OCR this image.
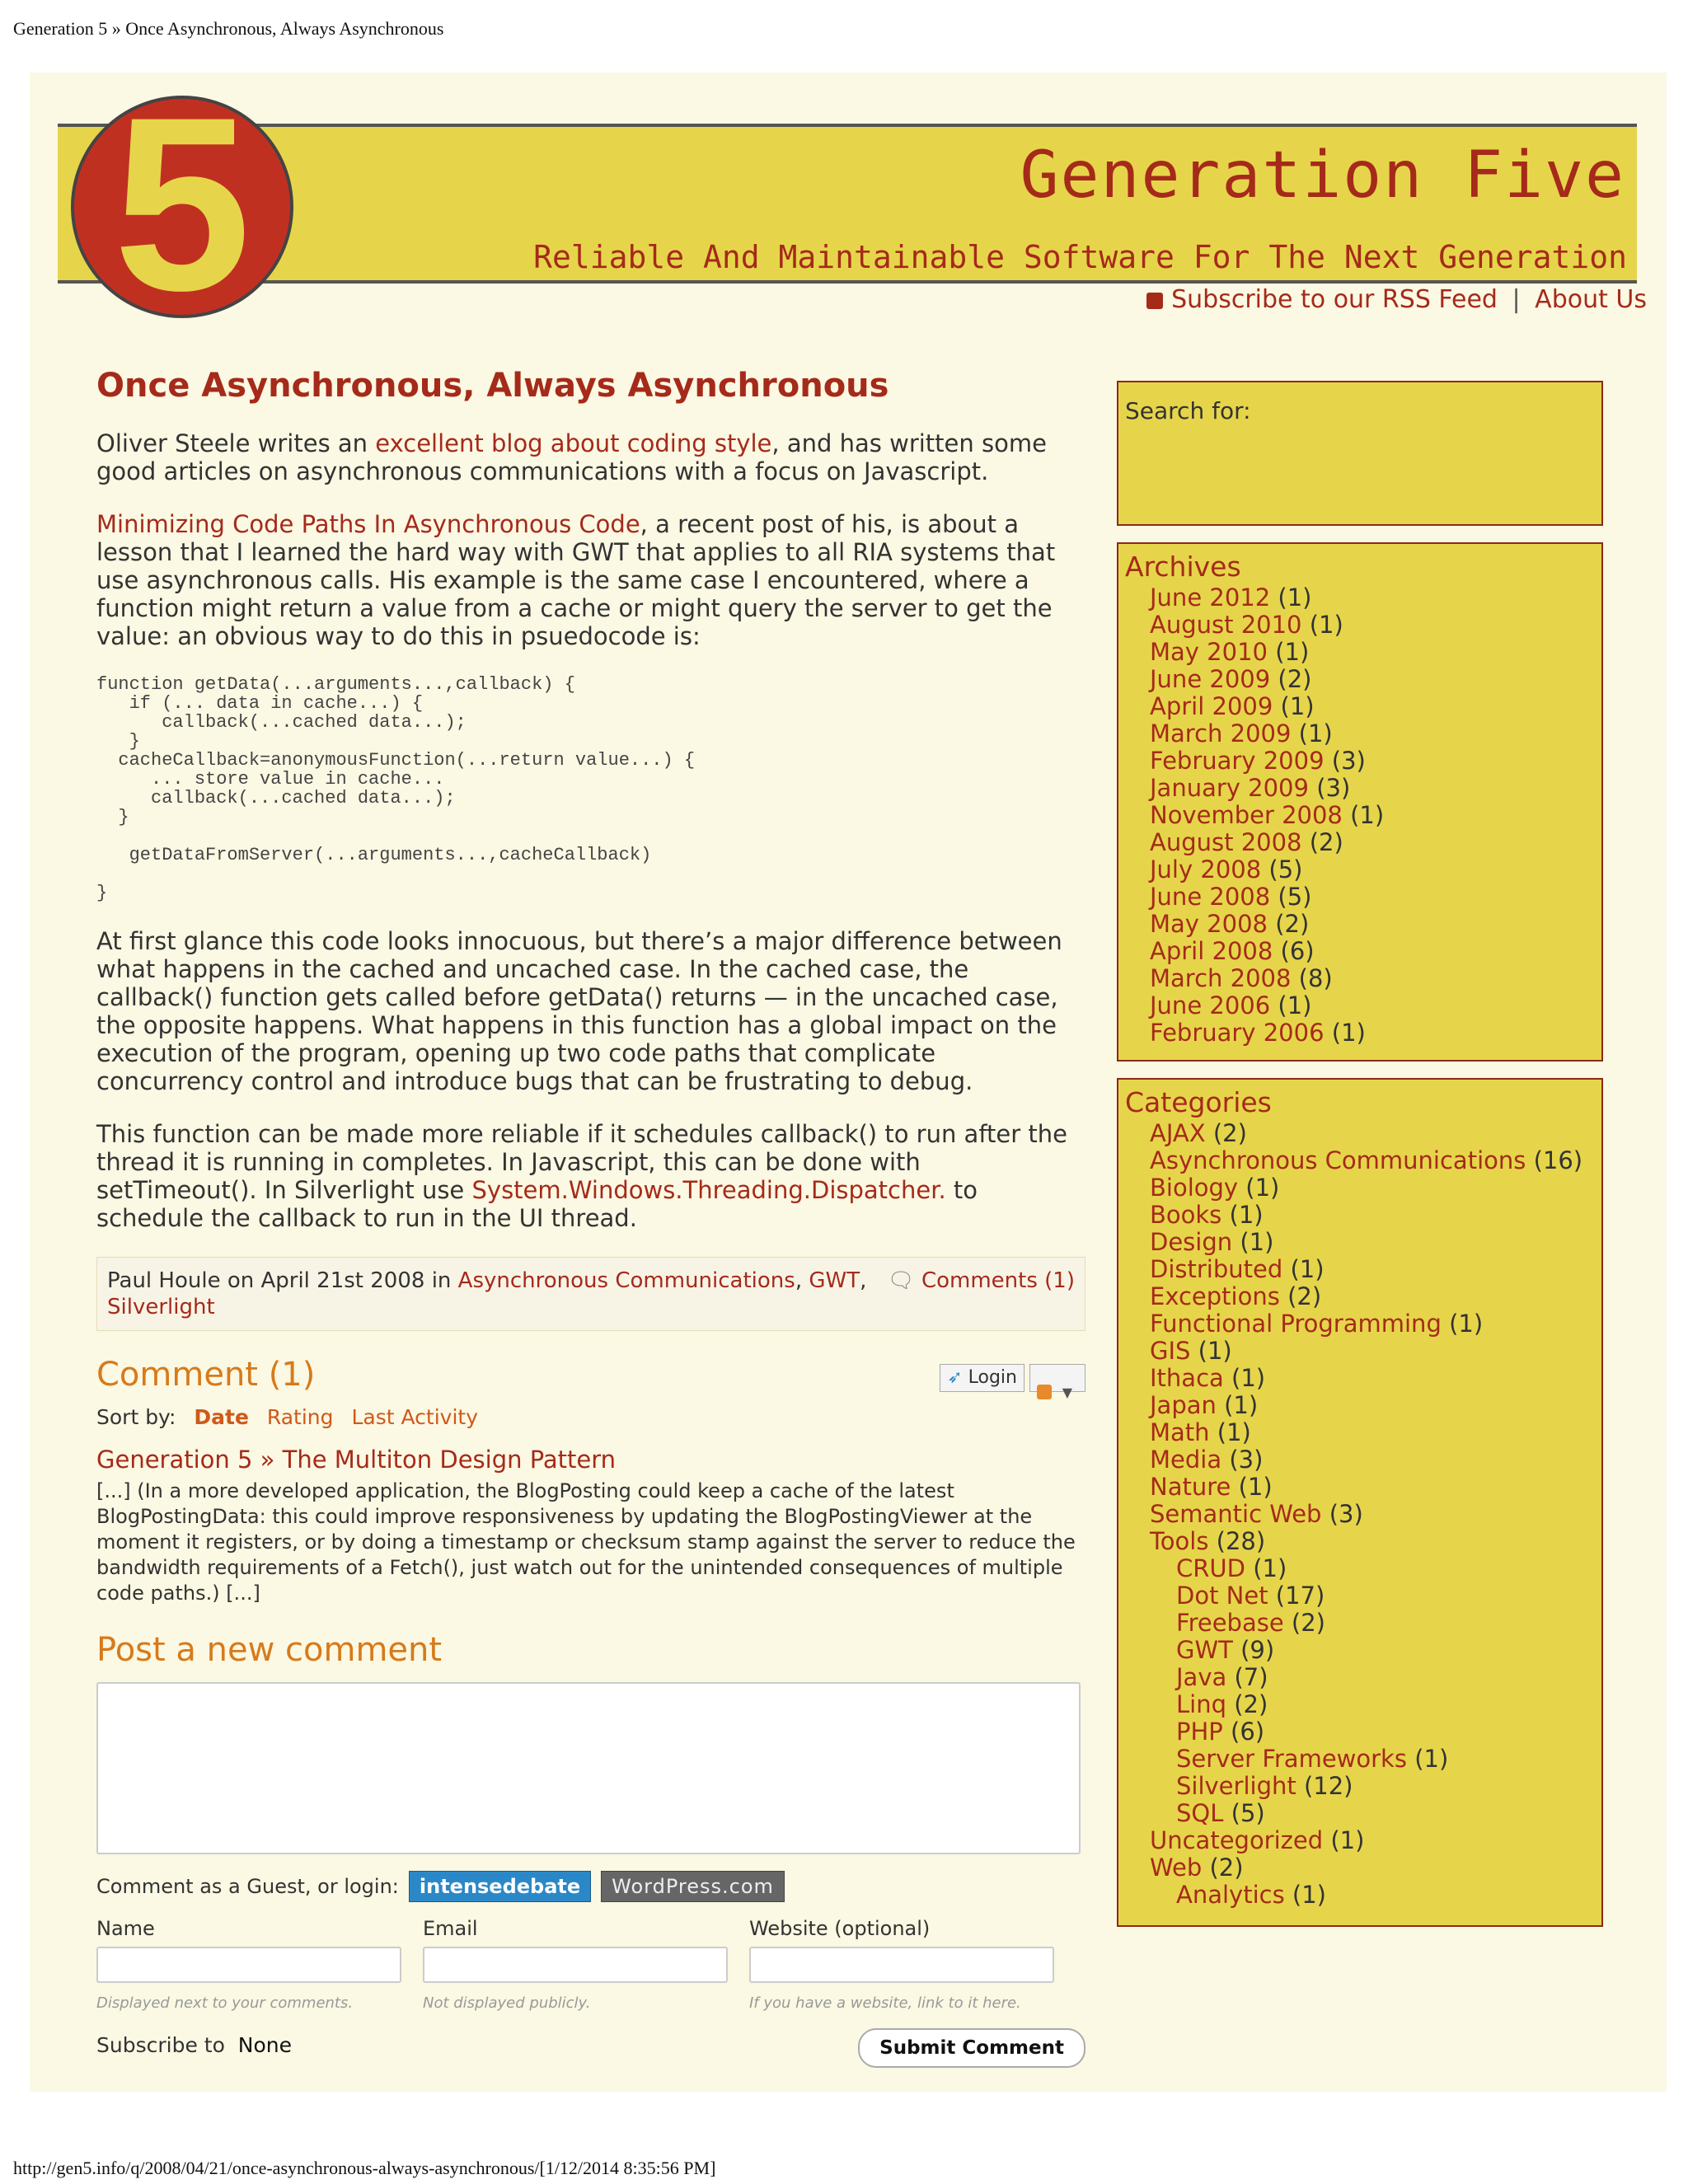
Generation 5 » Once Asynchronous, Always Asynchronous
Generation Five
Reliable And Maintainable Software For The Next Generation
5	Subscribe to our RSS Feed | About Us
Once Asynchronous, Always Asynchronous

Oliver Steele writes an excellent blog about coding style, and has written some good articles on asynchronous communications with a focus on Javascript.

Minimizing Code Paths In Asynchronous Code, a recent post of his, is about a lesson that I learned the hard way with GWT that applies to all RIA systems that use asynchronous calls. His example is the same case I encountered, where a function might return a value from a cache or might query the server to get the value: an obvious way to do this in psuedocode is:

function getData(...arguments...,callback) {
if (... data in cache...) {
callback(...cached data...);
}
cacheCallback=anonymousFunction(...return value...) {
... store value in cache...
callback(...cached data...);
}

getDataFromServer(...arguments...,cacheCallback)

}

At first glance this code looks innocuous, but there’s a major difference between what happens in the cached and uncached case. In the cached case, the callback() function gets called before getData() returns — in the uncached case, the opposite happens. What happens in this function has a global impact on the execution of the program, opening up two code paths that complicate concurrency control and introduce bugs that can be frustrating to debug.

This function can be made more reliable if it schedules callback() to run after the thread it is running in completes. In Javascript, this can be done with setTimeout(). In Silverlight use System.Windows.Threading.Dispatcher. to schedule the callback to run in the UI thread.

Paul Houle on April 21st 2008 in Asynchronous Communications, GWT,
Silverlight
🗨 Comments (1)
Comment (1)	➶ Login
▼
Sort by: Date Rating Last Activity
Generation 5 » The Multiton Design Pattern
[...] (In a more developed application, the BlogPosting could keep a cache of the latest BlogPostingData: this could improve responsiveness by updating the BlogPostingViewer at the moment it registers, or by doing a timestamp or checksum stamp against the server to reduce the bandwidth requirements of a Fetch(), just watch out for the unintended consequences of multiple code paths.) [...]
Post a new comment
Comment as a Guest, or login:	intensedebate	WordPress.com
Name
Displayed next to your comments.
Email
Not displayed publicly.
Website (optional)
If you have a website, link to it here.
Subscribe to None	Submit Comment
Search for:
Archives
June 2012 (1)
August 2010 (1)
May 2010 (1)
June 2009 (2)
April 2009 (1)
March 2009 (1)
February 2009 (3)
January 2009 (3)
November 2008 (1)
August 2008 (2)
July 2008 (5)
June 2008 (5)
May 2008 (2)
April 2008 (6)
March 2008 (8)
June 2006 (1)
February 2006 (1)
Categories
AJAX (2)
Asynchronous Communications (16)
Biology (1)
Books (1)
Design (1)
Distributed (1)
Exceptions (2)
Functional Programming (1)
GIS (1)
Ithaca (1)
Japan (1)
Math (1)
Media (3)
Nature (1)
Semantic Web (3)
Tools (28)
CRUD (1)
Dot Net (17)
Freebase (2)
GWT (9)
Java (7)
Linq (2)
PHP (6)
Server Frameworks (1)
Silverlight (12)
SQL (5)
Uncategorized (1)
Web (2)
Analytics (1)
http://gen5.info/q/2008/04/21/once-asynchronous-always-asynchronous/[1/12/2014 8:35:56 PM]
